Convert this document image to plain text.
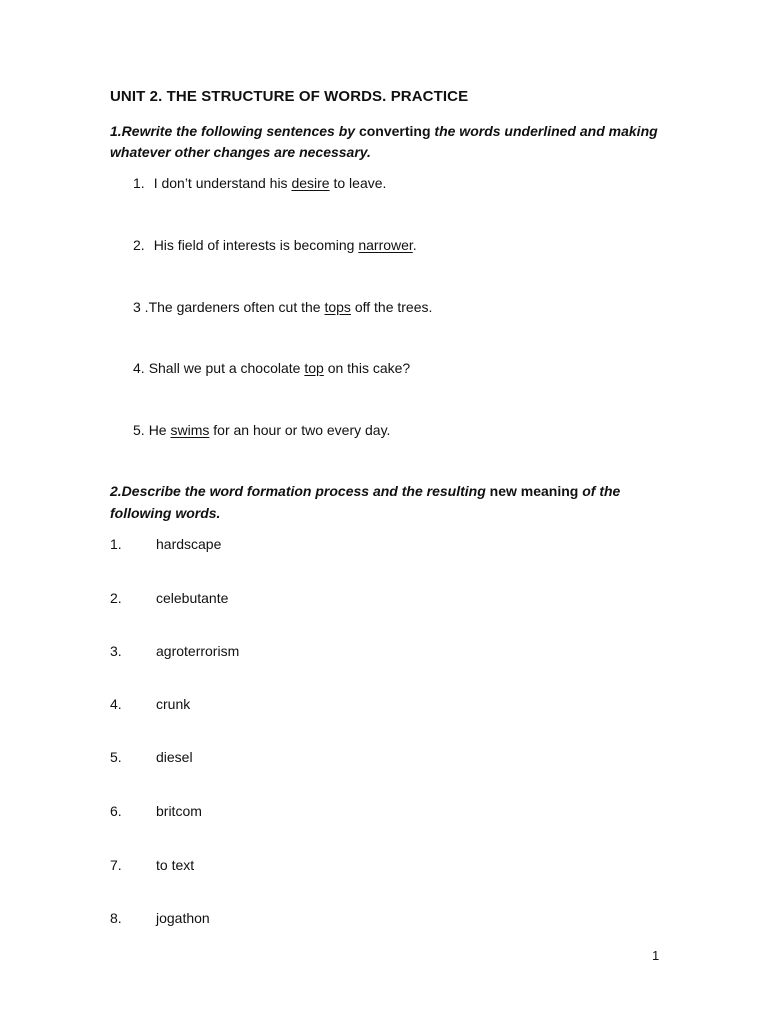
UNIT 2. THE STRUCTURE OF WORDS. PRACTICE
1.Rewrite the following sentences by converting the words underlined and making
whatever other changes are necessary.
1. I don’t understand his desire to leave.
2. His field of interests is becoming narrower.
3 .The gardeners often cut the tops off the trees.
4. Shall we put a chocolate top on this cake?
5. He swims for an hour or two every day.
2.Describe the word formation process and the resulting new meaning of the
following words.
1. hardscape
2. celebutante
3. agroterrorism
4. crunk
5. diesel
6. britcom
7. to text
8. jogathon
1
